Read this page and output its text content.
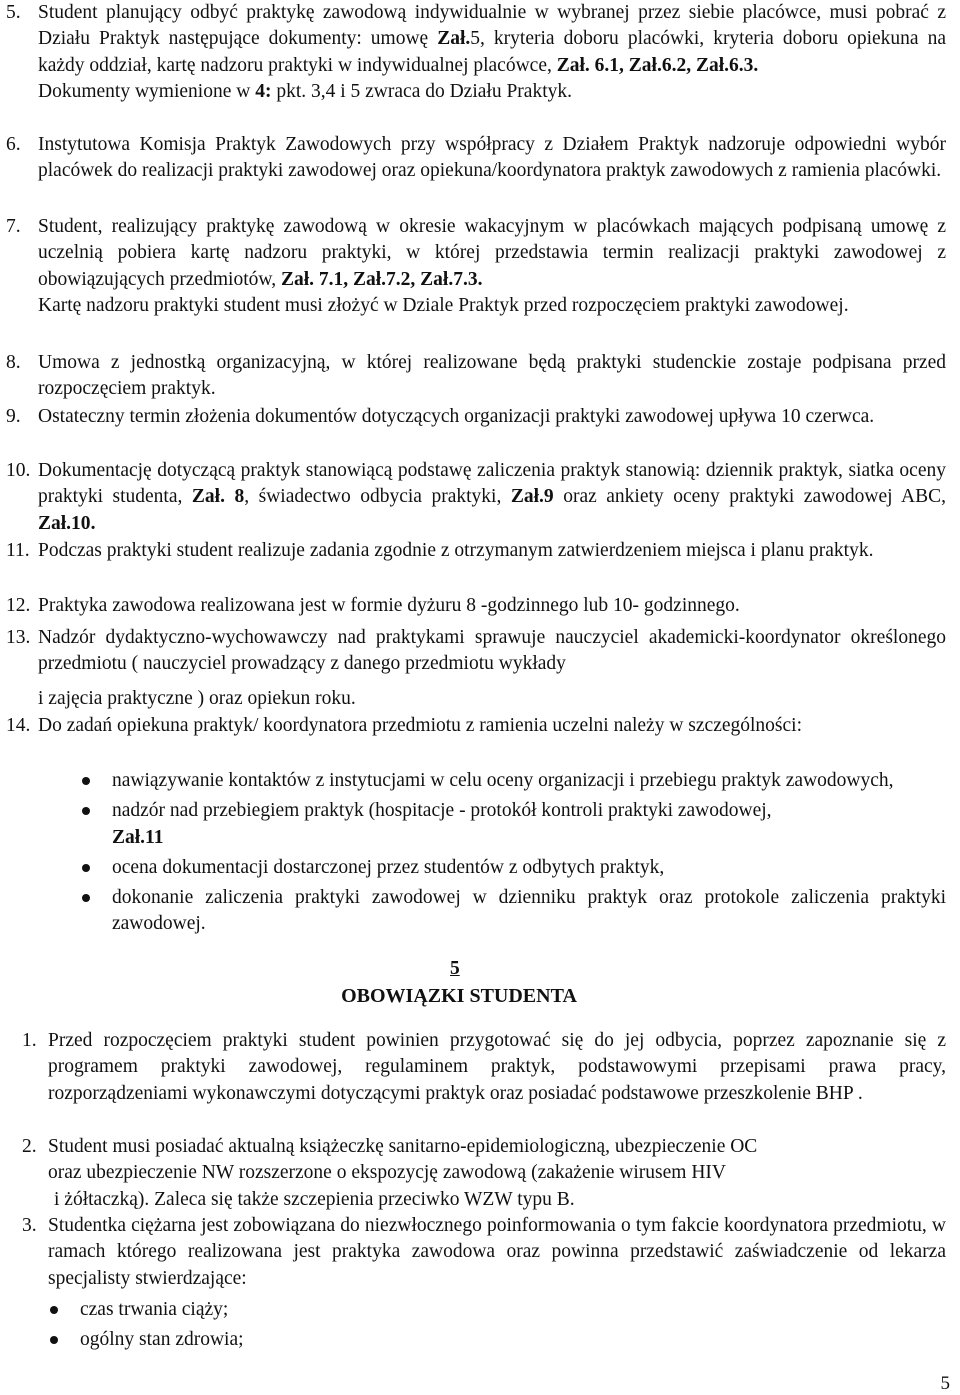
5. Student planujący odbyć praktykę zawodową indywidualnie w wybranej przez siebie placówce, musi pobrać z Działu Praktyk następujące dokumenty: umowę Zał.5, kryteria doboru placówki, kryteria doboru opiekuna na każdy oddział, kartę nadzoru praktyki w indywidualnej placówce, Zał. 6.1, Zał.6.2, Zał.6.3.

Dokumenty wymienione w 4: pkt. 3,4 i 5 zwraca do Działu Praktyk.

6. Instytutowa Komisja Praktyk Zawodowych przy współpracy z Działem Praktyk nadzoruje odpowiedni wybór placówek do realizacji praktyki zawodowej oraz opiekuna/koordynatora praktyk zawodowych z ramienia placówki.
7. Student, realizujący praktykę zawodową w okresie wakacyjnym w placówkach mających podpisaną umowę z uczelnią pobiera kartę nadzoru praktyki, w której przedstawia termin realizacji praktyki zawodowej z obowiązujących przedmiotów, Zał. 7.1, Zał.7.2, Zał.7.3.

Kartę nadzoru praktyki student musi złożyć w Dziale Praktyk przed rozpoczęciem praktyki zawodowej.

8. Umowa z jednostką organizacyjną, w której realizowane będą praktyki studenckie zostaje podpisana przed rozpoczęciem praktyk.
9. Ostateczny termin złożenia dokumentów dotyczących organizacji praktyki zawodowej upływa 10 czerwca.
10. Dokumentację dotyczącą praktyk stanowiącą podstawę zaliczenia praktyk stanowią: dziennik praktyk, siatka oceny praktyki studenta, Zał. 8, świadectwo odbycia praktyki, Zał.9 oraz ankiety oceny praktyki zawodowej ABC, Zał.10.

11. Podczas praktyki student realizuje zadania zgodnie z otrzymanym zatwierdzeniem miejsca i planu praktyk.
12. Praktyka zawodowa realizowana jest w formie dyżuru 8 -godzinnego lub 10- godzinnego.
13. Nadzór dydaktyczno-wychowawczy nad praktykami sprawuje nauczyciel akademicki-koordynator określonego przedmiotu ( nauczyciel prowadzący z danego przedmiotu wykłady

i zajęcia praktyczne ) oraz opiekun roku.

14. Do zadań opiekuna praktyk/ koordynatora przedmiotu z ramienia uczelni należy w szczególności:
nawiązywanie kontaktów z instytucjami w celu oceny organizacji i przebiegu praktyk zawodowych,
nadzór nad przebiegiem praktyk (hospitacje - protokół kontroli praktyki zawodowej,
Zał.11
ocena dokumentacji dostarczonej przez studentów z odbytych praktyk,
dokonanie zaliczenia praktyki zawodowej w dzienniku praktyk oraz protokole zaliczenia praktyki zawodowej.
5
OBOWIĄZKI STUDENTA
1. Przed rozpoczęciem praktyki student powinien przygotować się do jej odbycia, poprzez zapoznanie się z programem praktyki zawodowej, regulaminem praktyk, podstawowymi przepisami prawa pracy, rozporządzeniami wykonawczymi dotyczącymi praktyk oraz posiadać podstawowe przeszkolenie BHP .
2. Student musi posiadać aktualną książeczkę sanitarno-epidemiologiczną, ubezpieczenie OC

oraz ubezpieczenie NW rozszerzone o ekspozycję zawodową (zakażenie wirusem HIV

i żółtaczką). Zaleca się także szczepienia przeciwko WZW typu B.

3. Studentka ciężarna jest zobowiązana do niezwłocznego poinformowania o tym fakcie koordynatora przedmiotu, w ramach którego realizowana jest praktyka zawodowa oraz powinna przedstawić zaświadczenie od lekarza specjalisty stwierdzające:
czas trwania ciąży;
ogólny stan zdrowia;
5
